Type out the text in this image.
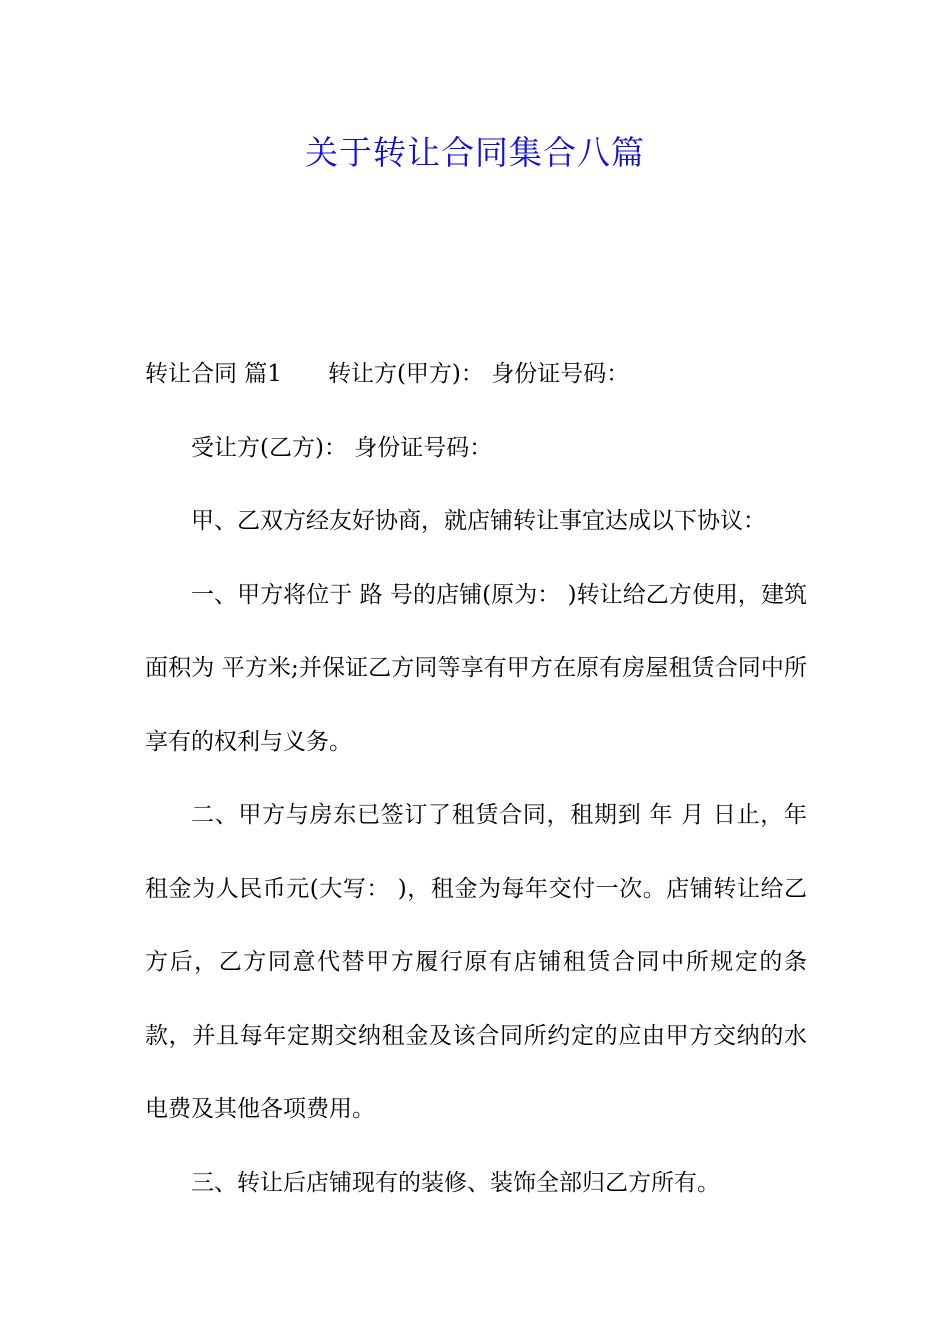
关于转让合同集合八篇

转让合同 篇1 转让方(甲方)： 身份证号码：

受让方(乙方)： 身份证号码：

甲、乙双方经友好协商，就店铺转让事宜达成以下协议：

一、甲方将位于 路 号的店铺(原为： )转让给乙方使用，建筑面积为 平方米;并保证乙方同等享有甲方在原有房屋租赁合同中所享有的权利与义务。

二、甲方与房东已签订了租赁合同，租期到 年 月 日止，年租金为人民币元(大写： )，租金为每年交付一次。店铺转让给乙方后，乙方同意代替甲方履行原有店铺租赁合同中所规定的条款，并且每年定期交纳租金及该合同所约定的应由甲方交纳的水电费及其他各项费用。

三、转让后店铺现有的装修、装饰全部归乙方所有。
